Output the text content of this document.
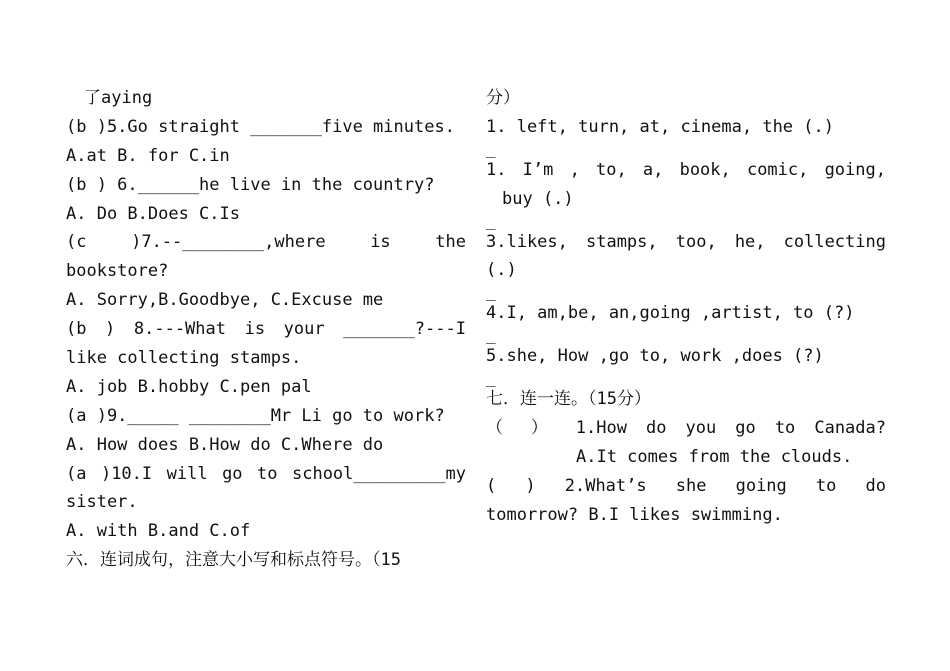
了aying
(b )5.Go straight _______five minutes.
A.at B. for C.in
(b ) 6.______he live in the country?
A. Do B.Does C.Is
(c )7.--________,where is the
bookstore?
A. Sorry,B.Goodbye, C.Excuse me
(b ) 8.---What is your _______?---I
like collecting stamps.
A. job B.hobby C.pen pal
(a )9._____ ________Mr Li go to work?
A. How does B.How do C.Where do
(a )10.I will go to school_________my
sister.
A. with B.and C.of
六．连词成句，注意大小写和标点符号。（15
分）
1. left, turn, at, cinema, the (.)
_
1. I’m , to, a, book, comic, going,
buy (.)
_
3.likes, stamps, too, he, collecting
(.)
_
4.I, am,be, an,going ,artist, to (?)
_
5.she, How ,go to, work ,does (?)
_
七．连一连。（15分）
（ ） 1.How do you go to Canada?
A.It comes from the clouds.
( ) 2.What’s she going to do
tomorrow? B.I likes swimming.
